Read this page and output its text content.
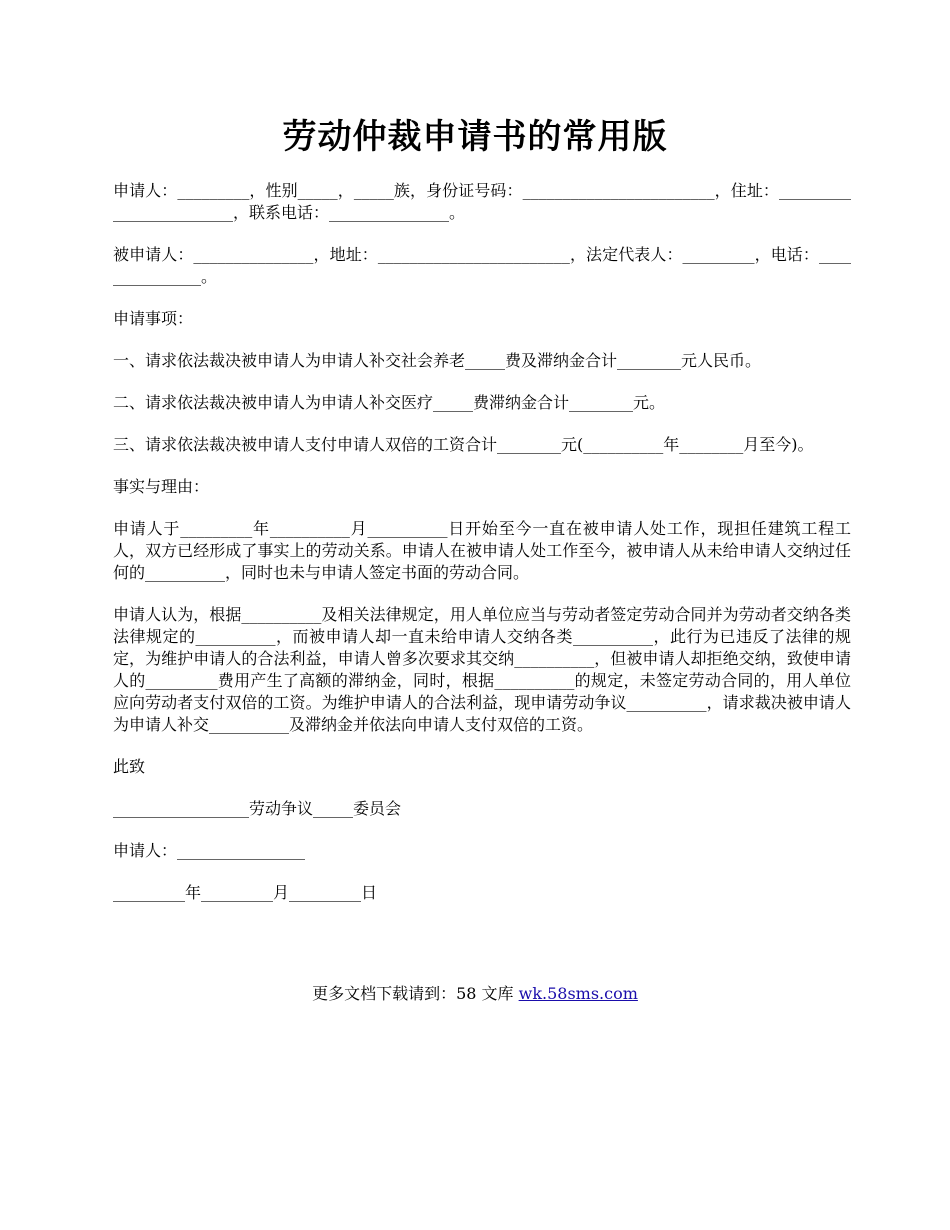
劳动仲裁申请书的常用版

申请人：_________，性别_____，_____族，身份证号码：________________________，住址：________________________，联系电话：_______________。

被申请人：_______________，地址：________________________，法定代表人：_________，电话：_______________。

申请事项：

一、请求依法裁决被申请人为申请人补交社会养老_____费及滞纳金合计________元人民币。

二、请求依法裁决被申请人为申请人补交医疗_____费滞纳金合计________元。

三、请求依法裁决被申请人支付申请人双倍的工资合计________元(__________年________月至今)。

事实与理由：

申请人于_________年__________月__________日开始至今一直在被申请人处工作，现担任建筑工程工人，双方已经形成了事实上的劳动关系。申请人在被申请人处工作至今，被申请人从未给申请人交纳过任何的__________，同时也未与申请人签定书面的劳动合同。

申请人认为，根据__________及相关法律规定，用人单位应当与劳动者签定劳动合同并为劳动者交纳各类法律规定的__________，而被申请人却一直未给申请人交纳各类__________，此行为已违反了法律的规定，为维护申请人的合法利益，申请人曾多次要求其交纳__________，但被申请人却拒绝交纳，致使申请人的_________费用产生了高额的滞纳金，同时，根据__________的规定，未签定劳动合同的，用人单位应向劳动者支付双倍的工资。为维护申请人的合法利益，现申请劳动争议__________，请求裁决被申请人为申请人补交__________及滞纳金并依法向申请人支付双倍的工资。

此致

_________________劳动争议_____委员会

申请人：________________

_________年_________月_________日

更多文档下载请到：58 文库 wk.58sms.com
